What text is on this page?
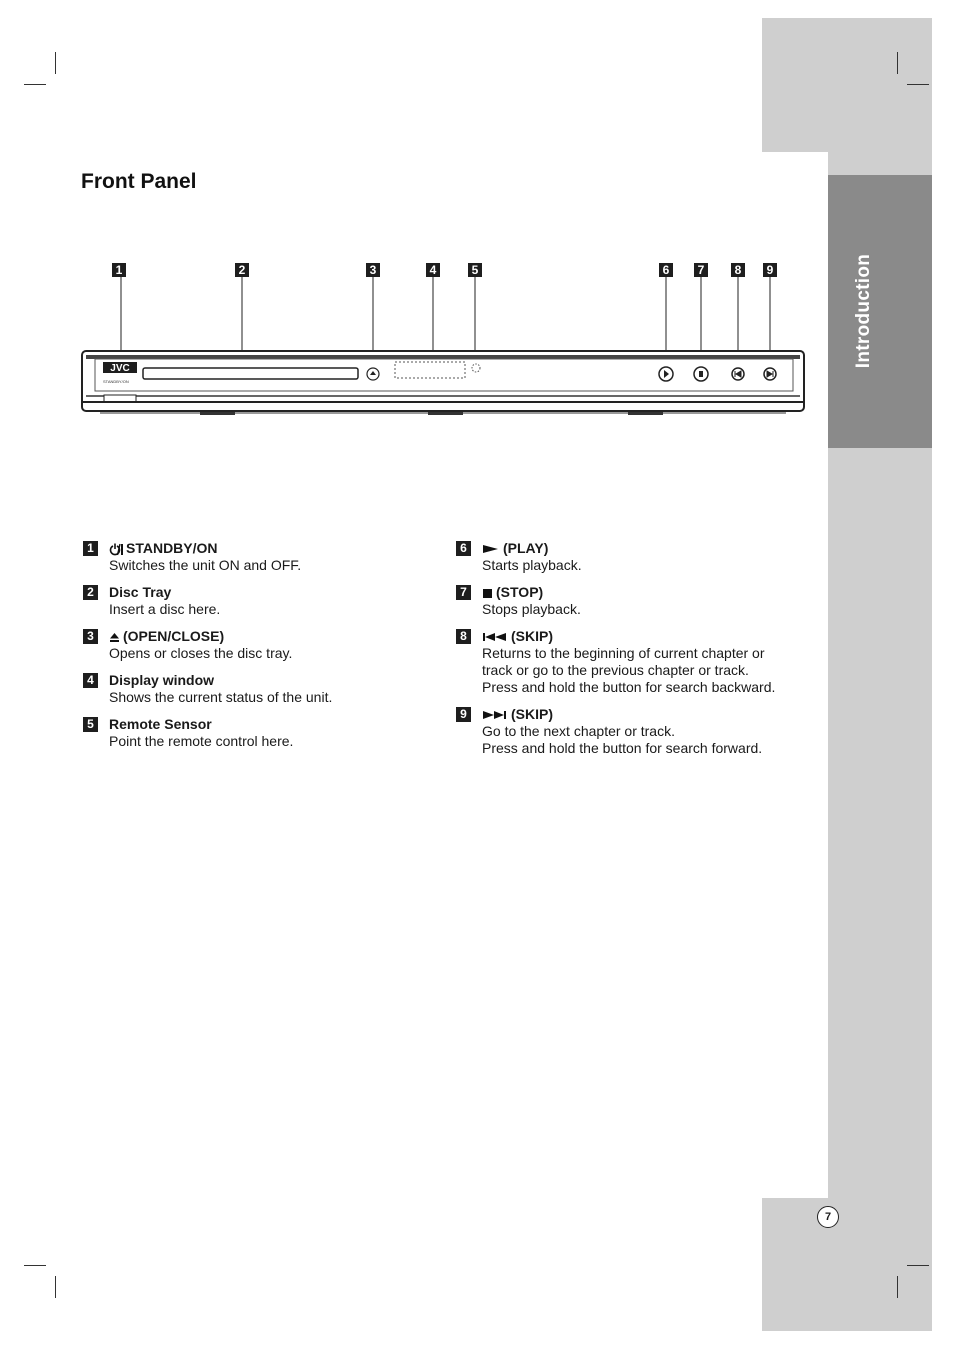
Introduction
7
Front Panel
1	2	3	4	5	6 7	8 9
JVC
STANDBY/ON
1	STANDBY/ON
Switches the unit ON and OFF.
2 Disc Tray
Insert a disc here.
3	(OPEN/CLOSE)
Opens or closes the disc tray.
4 Display window
Shows the current status of the unit.
5 Remote Sensor
Point the remote control here.
6	(PLAY)
Starts playback.
7	(STOP)
Stops playback.
8	(SKIP)
Returns to the beginning of current chapter or
track or go to the previous chapter or track.
Press and hold the button for search backward.
9	(SKIP)
Go to the next chapter or track.
Press and hold the button for search forward.
